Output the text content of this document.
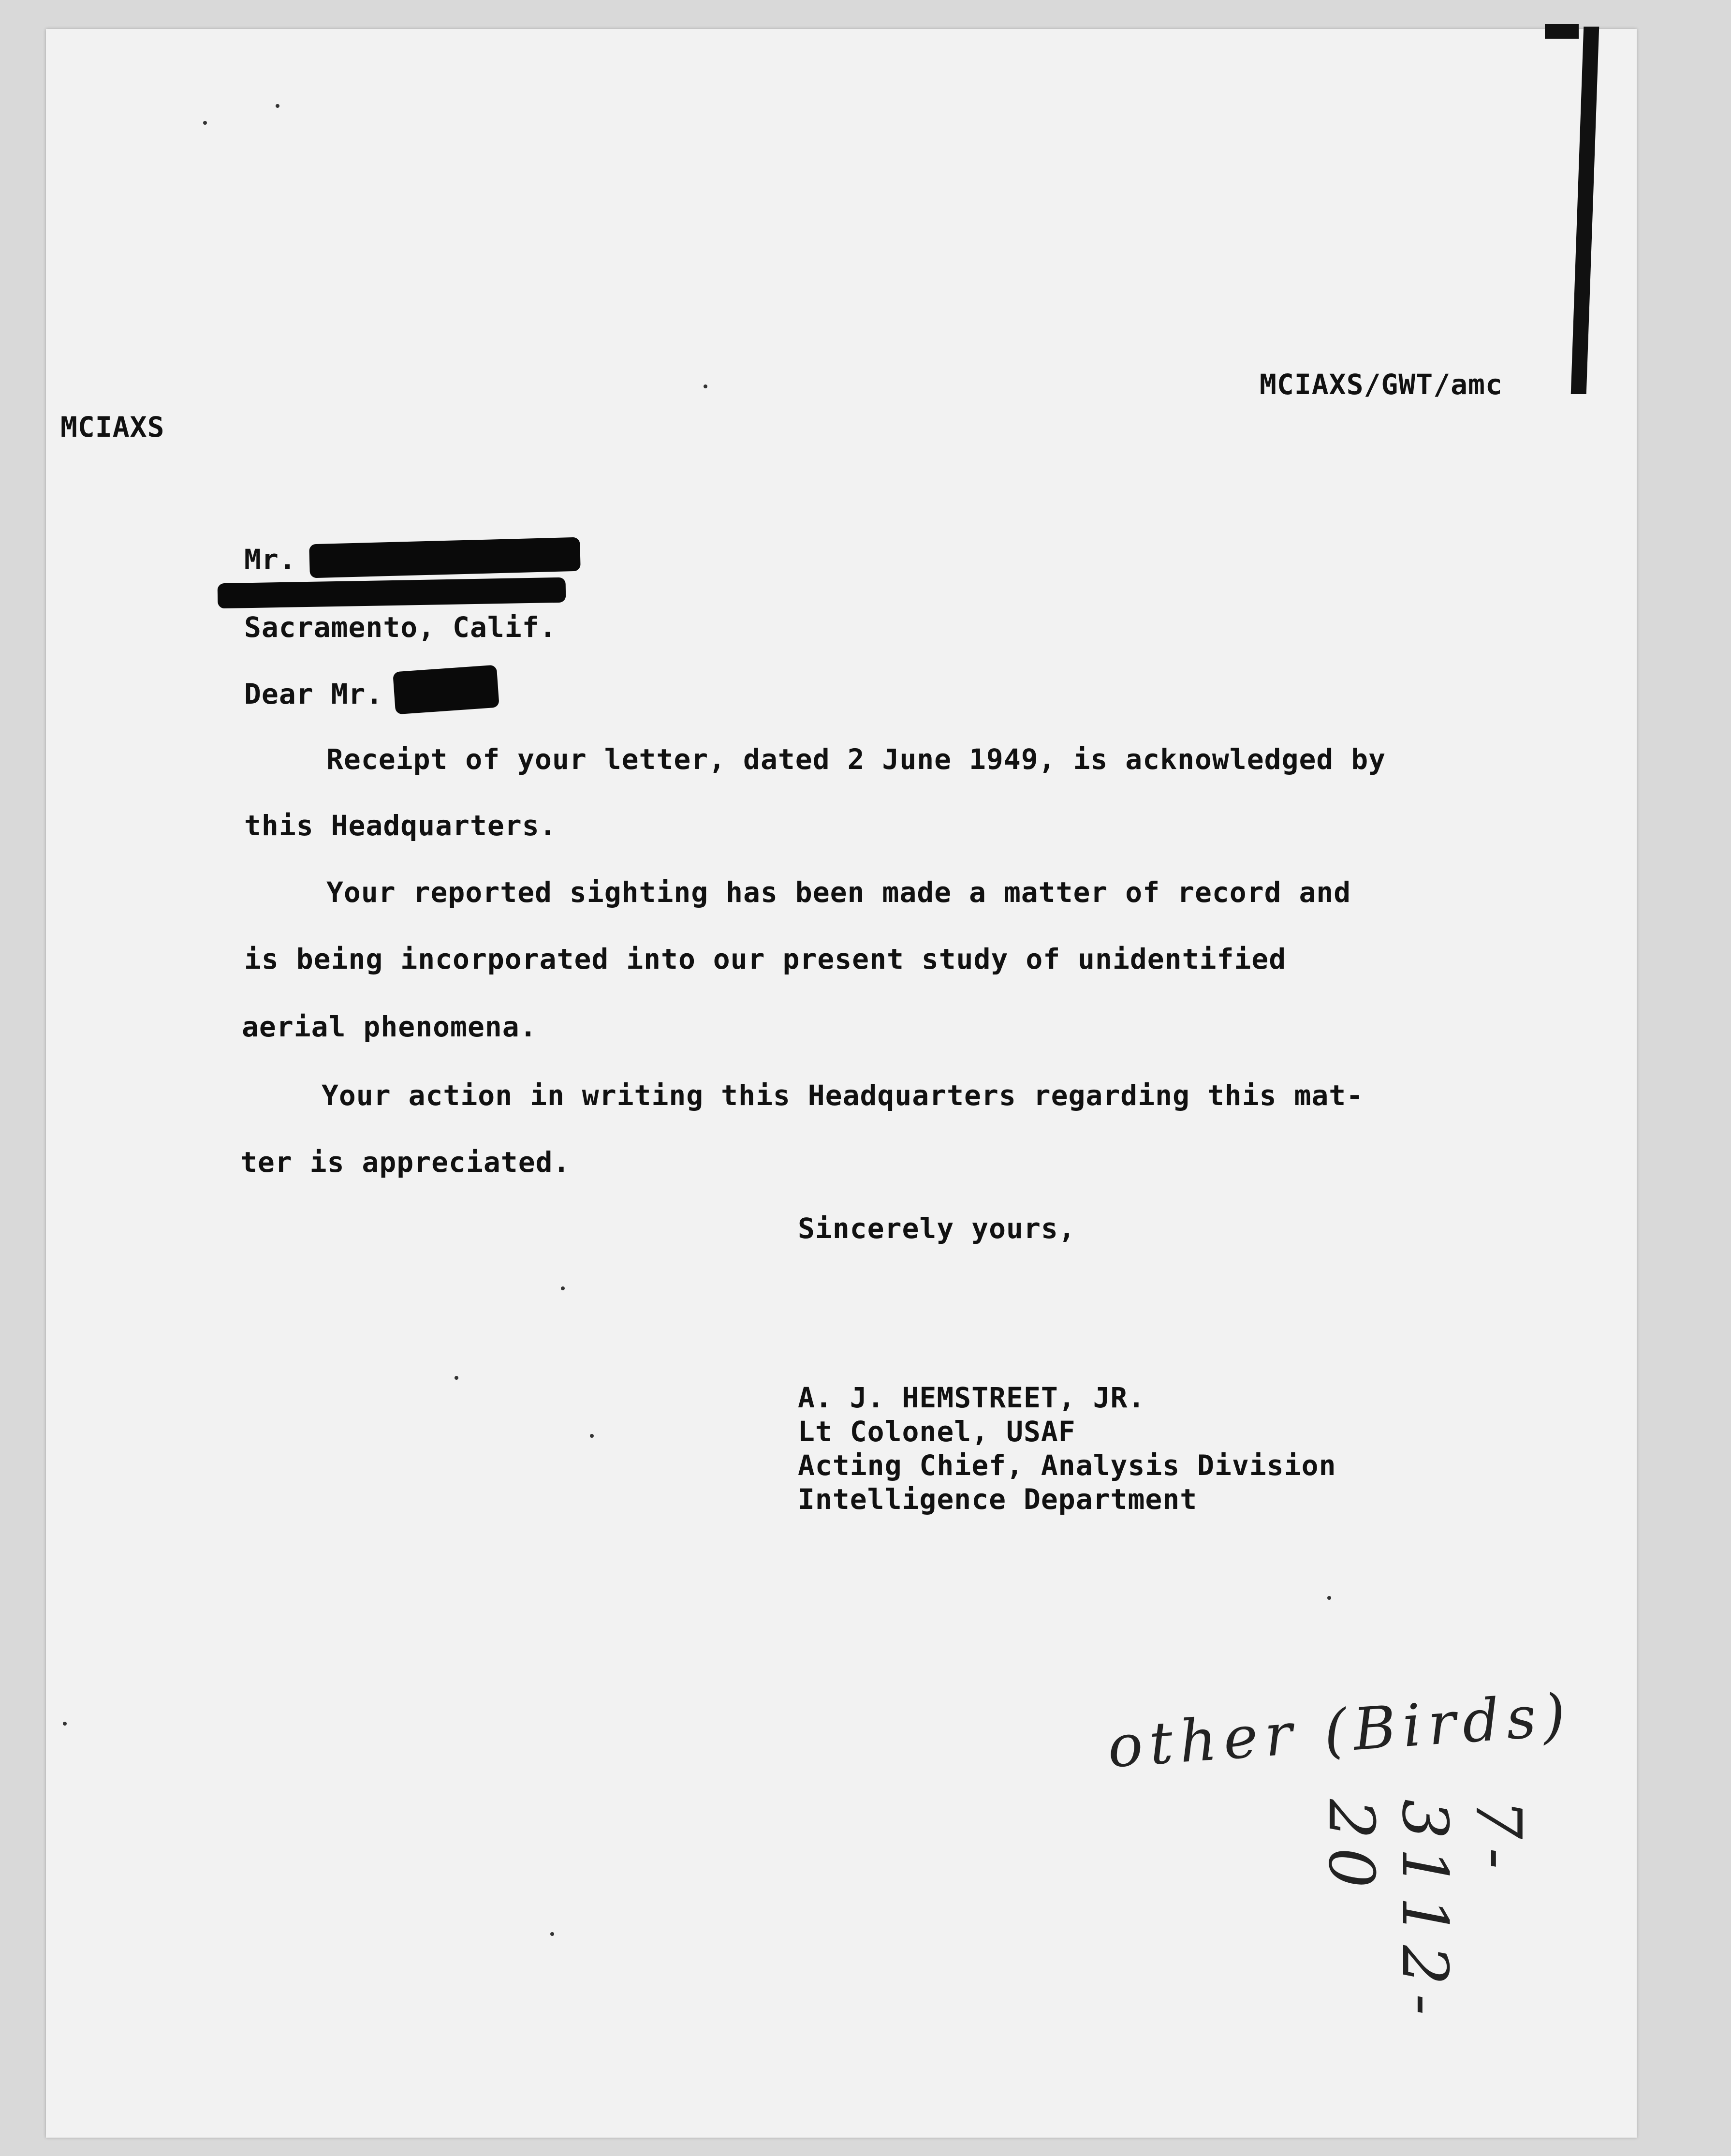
MCIAXS/GWT/amc
MCIAXS
Mr.
Sacramento, Calif.
Dear Mr.
Receipt of your letter, dated 2 June 1949, is acknowledged by
this Headquarters.
Your reported sighting has been made a matter of record and
is being incorporated into our present study of unidentified
aerial phenomena.
Your action in writing this Headquarters regarding this mat-
ter is appreciated.
Sincerely yours,
A. J. HEMSTREET, JR.
Lt Colonel, USAF
Acting Chief, Analysis Division
Intelligence Department
other (Birds)
7-3112-20
